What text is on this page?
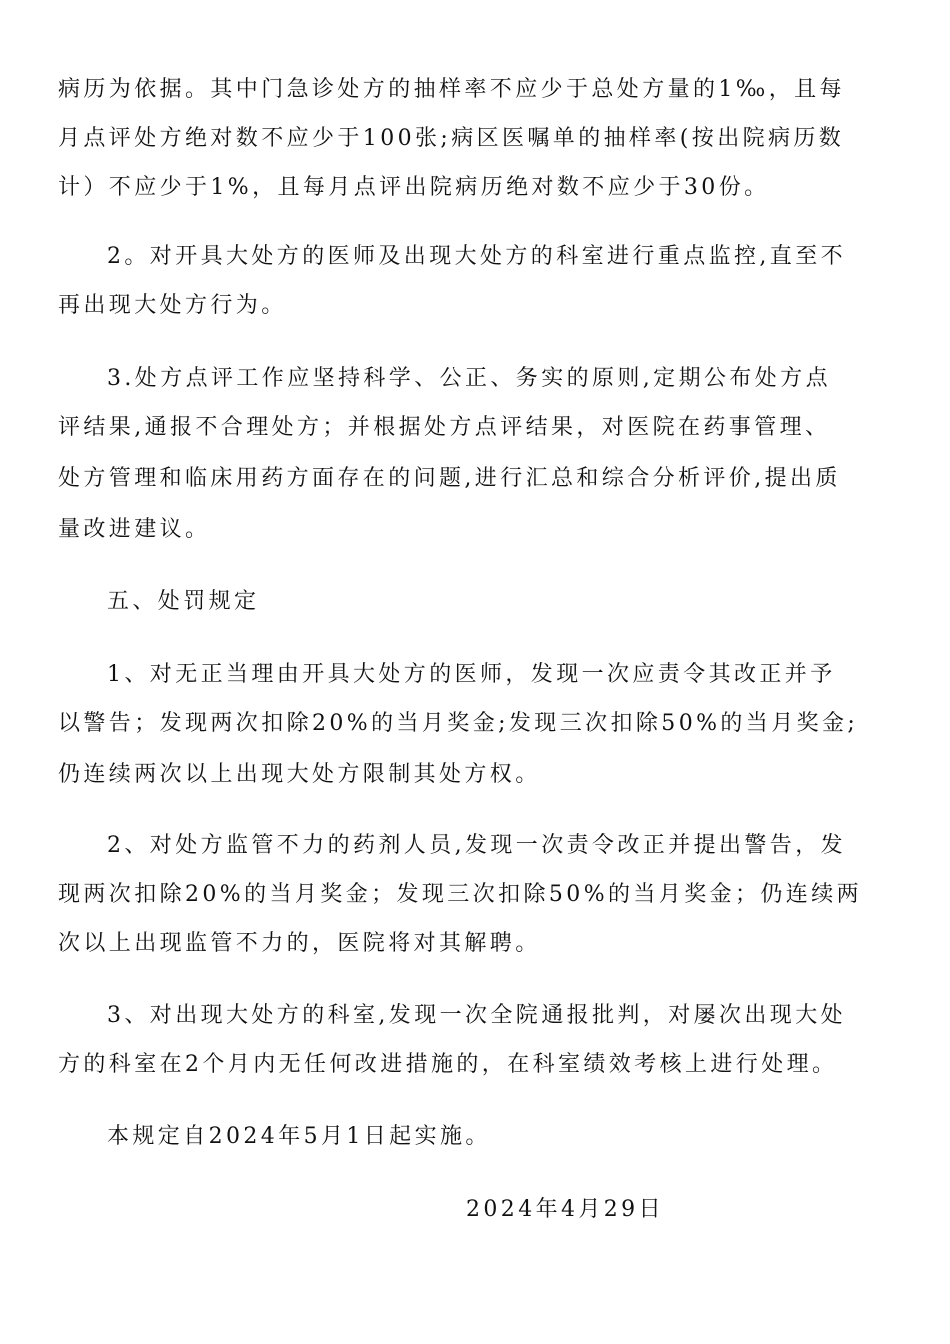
病历为依据。其中门急诊处方的抽样率不应少于总处方量的1‰，且每
月点评处方绝对数不应少于100张;病区医嘱单的抽样率(按出院病历数
计）不应少于1%，且每月点评出院病历绝对数不应少于30份。
2。对开具大处方的医师及出现大处方的科室进行重点监控,直至不
再出现大处方行为。
3.处方点评工作应坚持科学、公正、务实的原则,定期公布处方点
评结果,通报不合理处方；并根据处方点评结果，对医院在药事管理、
处方管理和临床用药方面存在的问题,进行汇总和综合分析评价,提出质
量改进建议。
五、处罚规定
1、对无正当理由开具大处方的医师，发现一次应责令其改正并予
以警告；发现两次扣除20%的当月奖金;发现三次扣除50%的当月奖金;
仍连续两次以上出现大处方限制其处方权。
2、对处方监管不力的药剂人员,发现一次责令改正并提出警告，发
现两次扣除20%的当月奖金；发现三次扣除50%的当月奖金；仍连续两
次以上出现监管不力的，医院将对其解聘。
3、对出现大处方的科室,发现一次全院通报批判，对屡次出现大处
方的科室在2个月内无任何改进措施的，在科室绩效考核上进行处理。
本规定自2024年5月1日起实施。
2024年4月29日
